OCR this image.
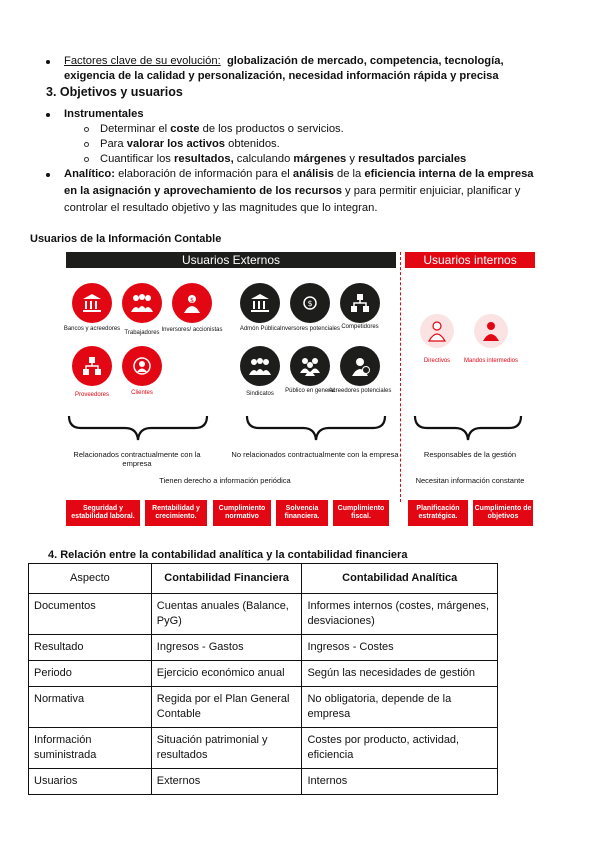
Factores clave de su evolución: globalización de mercado, competencia, tecnología,
exigencia de la calidad y personalización, necesidad información rápida y precisa
3. Objetivos y usuarios
Instrumentales
Determinar el coste de los productos o servicios.
Para valorar los activos obtenidos.
Cuantificar los resultados, calculando márgenes y resultados parciales
Analítico: elaboración de información para el análisis de la eficiencia interna de la empresa
en la asignación y aprovechamiento de los recursos y para permitir enjuiciar, planificar y
controlar el resultado objetivo y las magnitudes que lo integran.
Usuarios de la Información Contable
Usuarios Externos	Usuarios internos
Bancos y acreedores
Trabajadores
$
Inversores/ accionistas
Proveedores	Clientes
Admón Pública
$
Inversores potenciales Competidores
Sindicatos	Público en general
Acreedores potenciales
Directivos	Mandos intermedios
Relacionados contractualmente con la empresa
No relacionados contractualmente con la empresa	Responsables de la gestión
Tienen derecho a información periódica	Necesitan información constante
Seguridad y estabilidad laboral.
Rentabilidad y crecimiento.
Cumplimiento normativo
Solvencia financiera.
Cumplimiento fiscal.
Planificación estratégica.
Cumplimiento de objetivos
4. Relación entre la contabilidad analítica y la contabilidad financiera
Aspecto	Contabilidad Financiera	Contabilidad Analítica
Documentos	Cuentas anuales (Balance, PyG)	Informes internos (costes, márgenes, desviaciones)
Resultado	Ingresos - Gastos	Ingresos - Costes
Periodo	Ejercicio económico anual	Según las necesidades de gestión
Normativa	Regida por el Plan General Contable	No obligatoria, depende de la empresa
Información suministrada	Situación patrimonial y resultados	Costes por producto, actividad, eficiencia
Usuarios	Externos	Internos
